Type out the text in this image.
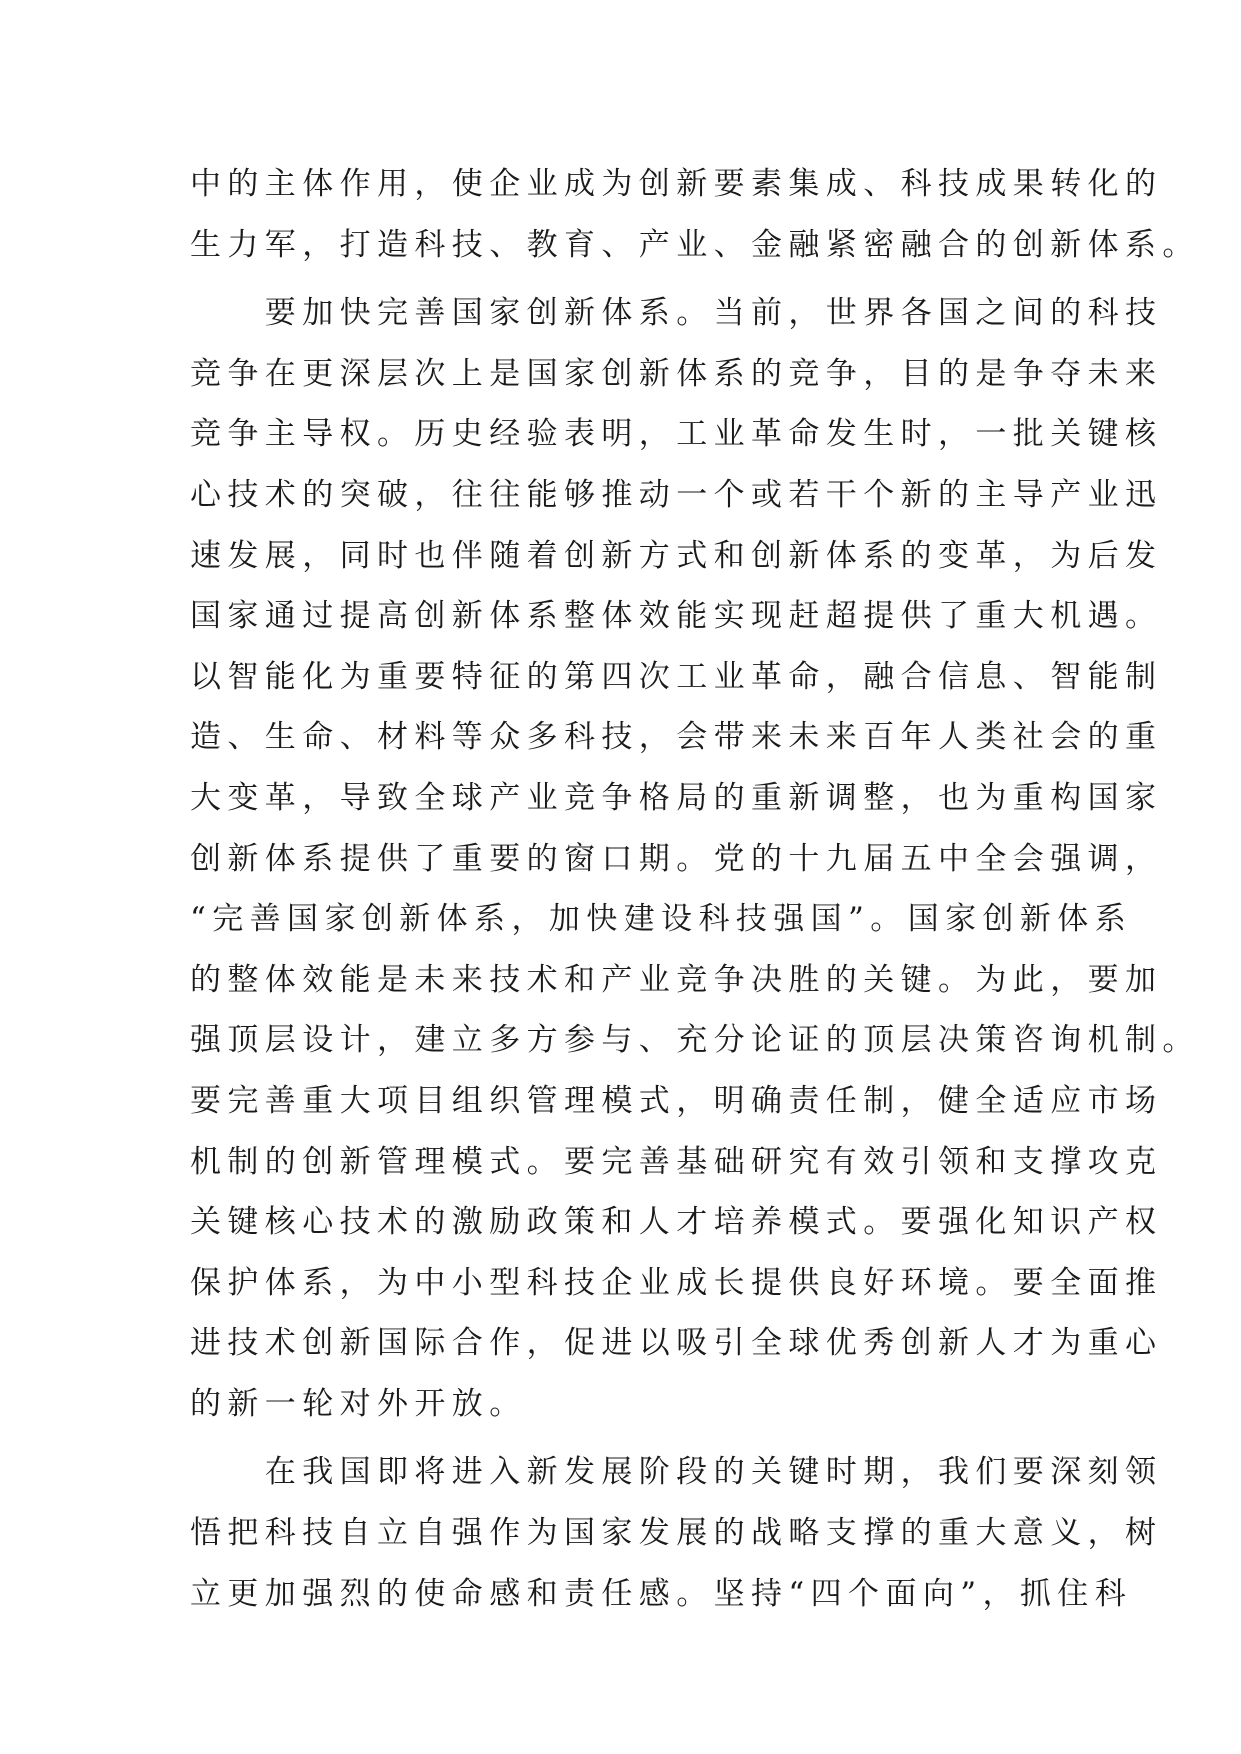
中的主体作用，使企业成为创新要素集成、科技成果转化的
生力军，打造科技、教育、产业、金融紧密融合的创新体系。
　　要加快完善国家创新体系。当前，世界各国之间的科技
竞争在更深层次上是国家创新体系的竞争，目的是争夺未来
竞争主导权。历史经验表明，工业革命发生时，一批关键核
心技术的突破，往往能够推动一个或若干个新的主导产业迅
速发展，同时也伴随着创新方式和创新体系的变革，为后发
国家通过提高创新体系整体效能实现赶超提供了重大机遇。
以智能化为重要特征的第四次工业革命，融合信息、智能制
造、生命、材料等众多科技，会带来未来百年人类社会的重
大变革，导致全球产业竞争格局的重新调整，也为重构国家
创新体系提供了重要的窗口期。党的十九届五中全会强调，
“完善国家创新体系，加快建设科技强国”。国家创新体系
的整体效能是未来技术和产业竞争决胜的关键。为此，要加
强顶层设计，建立多方参与、充分论证的顶层决策咨询机制。
要完善重大项目组织管理模式，明确责任制，健全适应市场
机制的创新管理模式。要完善基础研究有效引领和支撑攻克
关键核心技术的激励政策和人才培养模式。要强化知识产权
保护体系，为中小型科技企业成长提供良好环境。要全面推
进技术创新国际合作，促进以吸引全球优秀创新人才为重心
的新一轮对外开放。
　　在我国即将进入新发展阶段的关键时期，我们要深刻领
悟把科技自立自强作为国家发展的战略支撑的重大意义，树
立更加强烈的使命感和责任感。坚持“四个面向”，抓住科
